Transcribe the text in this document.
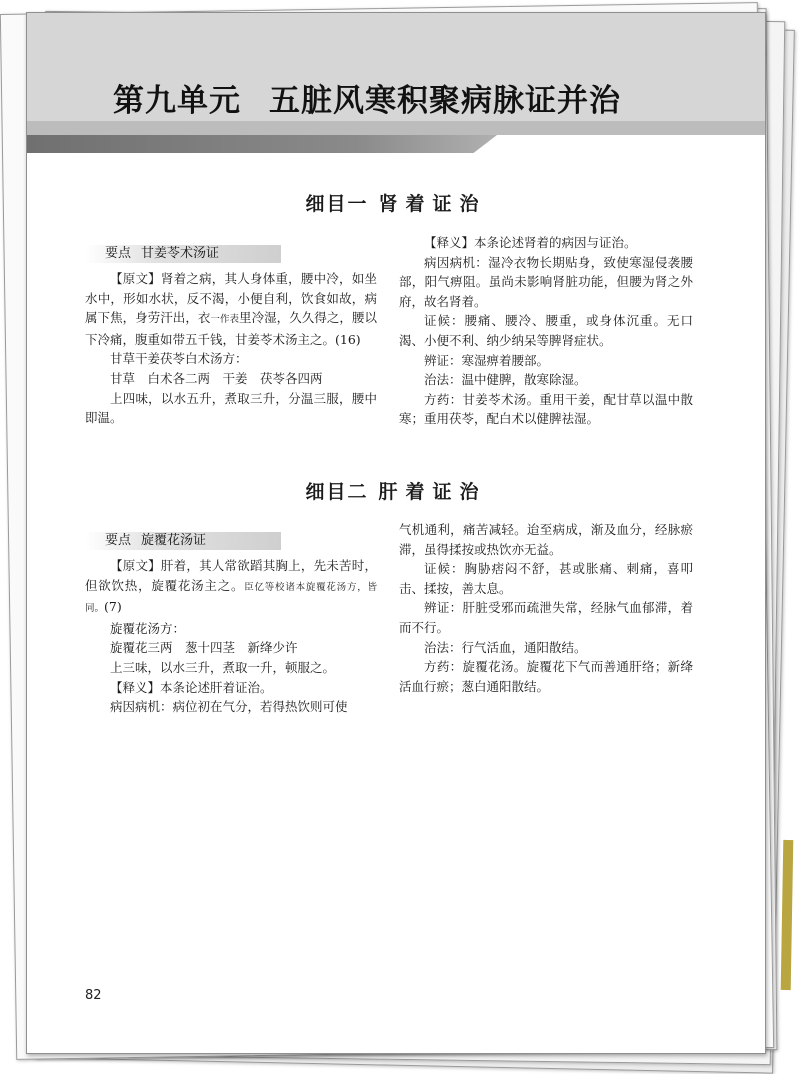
第九单元 五脏风寒积聚病脉证并治
细目一 肾着证治
要点 甘姜苓术汤证

【原文】肾着之病，其人身体重，腰中冷，如坐水中，形如水状，反不渴，小便自利，饮食如故，病属下焦，身劳汗出，衣一作表里冷湿，久久得之，腰以下冷痛，腹重如带五千钱，甘姜苓术汤主之。(16)

甘草干姜茯苓白术汤方：

甘草　白术各二两　干姜　茯苓各四两

上四味，以水五升，煮取三升，分温三服，腰中即温。

【释义】本条论述肾着的病因与证治。

病因病机：湿冷衣物长期贴身，致使寒湿侵袭腰部，阳气痹阻。虽尚未影响肾脏功能，但腰为肾之外府，故名肾着。

证候：腰痛、腰冷、腰重，或身体沉重。无口渴、小便不利、纳少纳呆等脾肾症状。

辨证：寒湿痹着腰部。

治法：温中健脾，散寒除湿。

方药：甘姜苓术汤。重用干姜，配甘草以温中散寒；重用茯苓，配白术以健脾祛湿。

细目二 肝着证治
要点 旋覆花汤证

【原文】肝着，其人常欲蹈其胸上，先未苦时，但欲饮热，旋覆花汤主之。臣亿等校诸本旋覆花汤方，皆同。(7)

旋覆花汤方：

旋覆花三两　葱十四茎　新绛少许

上三味，以水三升，煮取一升，顿服之。

【释义】本条论述肝着证治。

病因病机：病位初在气分，若得热饮则可使

气机通利，痛苦减轻。迨至病成，渐及血分，经脉瘀滞，虽得揉按或热饮亦无益。

证候：胸胁痞闷不舒，甚或胀痛、刺痛，喜叩击、揉按，善太息。

辨证：肝脏受邪而疏泄失常，经脉气血郁滞，着而不行。

治法：行气活血，通阳散结。

方药：旋覆花汤。旋覆花下气而善通肝络；新绛活血行瘀；葱白通阳散结。

82
